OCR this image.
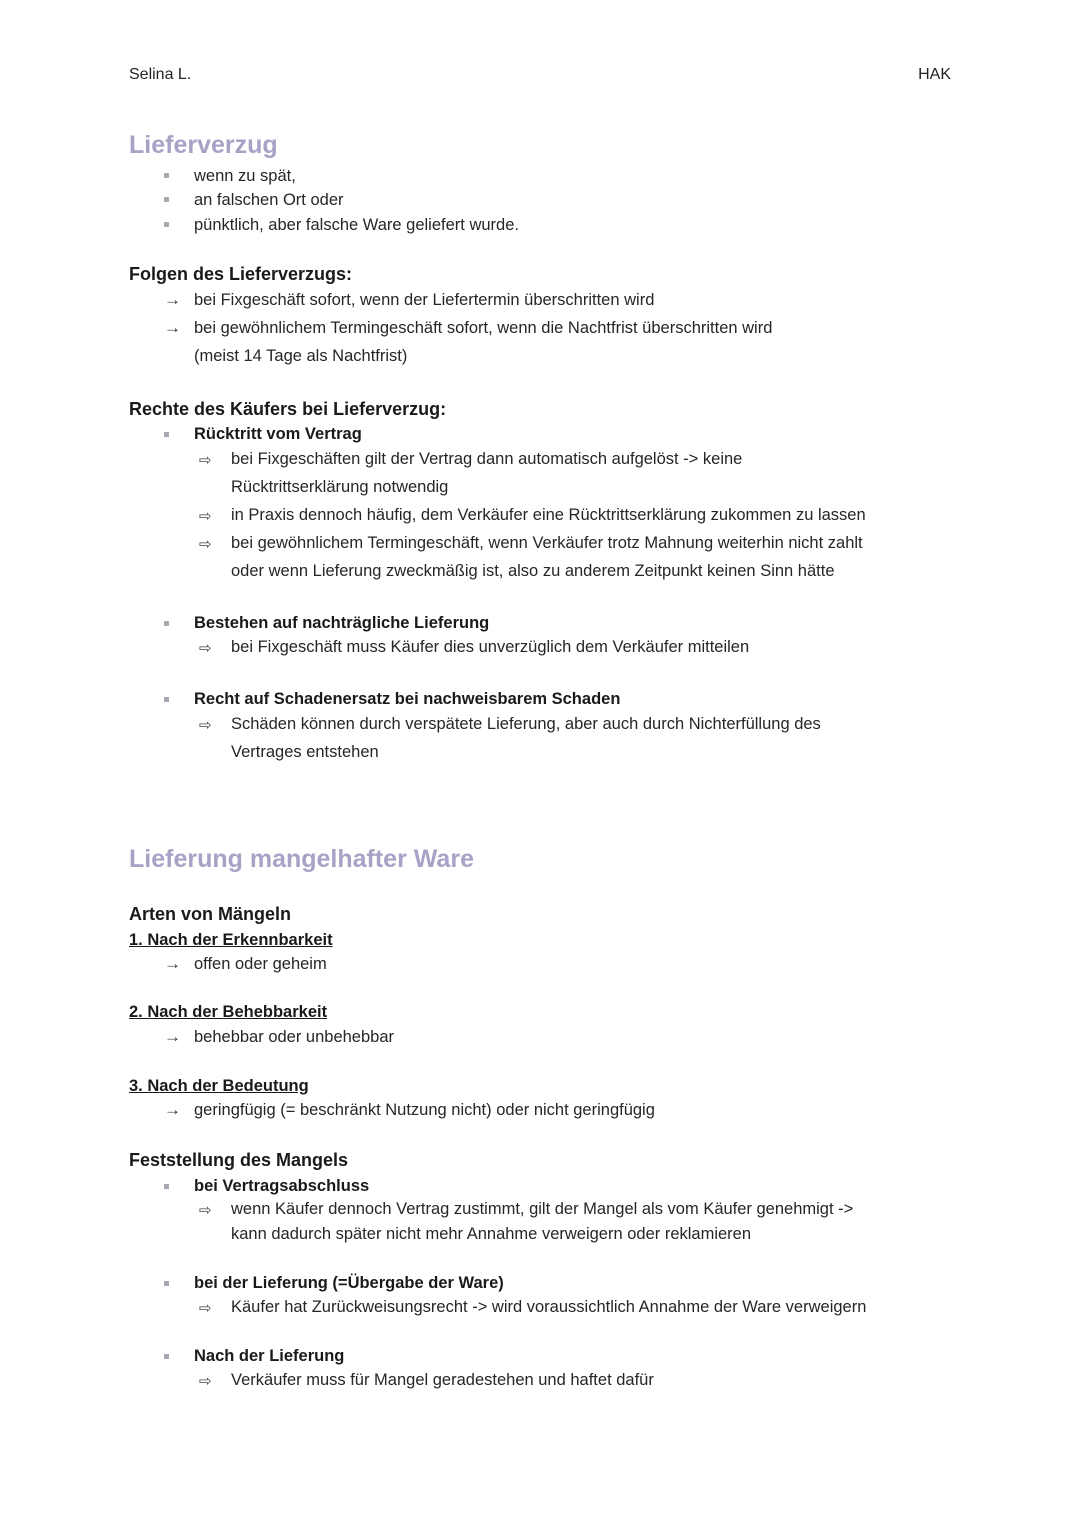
Selina L.	HAK
Lieferverzug
wenn zu spät,
an falschen Ort oder
pünktlich, aber falsche Ware geliefert wurde.
Folgen des Lieferverzugs:
→ bei Fixgeschäft sofort, wenn der Liefertermin überschritten wird
→ bei gewöhnlichem Termingeschäft sofort, wenn die Nachtfrist überschritten wird
(meist 14 Tage als Nachtfrist)
Rechte des Käufers bei Lieferverzug:
Rücktritt vom Vertrag
⇨ bei Fixgeschäften gilt der Vertrag dann automatisch aufgelöst -> keine
Rücktrittserklärung notwendig
⇨ in Praxis dennoch häufig, dem Verkäufer eine Rücktrittserklärung zukommen zu lassen
⇨ bei gewöhnlichem Termingeschäft, wenn Verkäufer trotz Mahnung weiterhin nicht zahlt
oder wenn Lieferung zweckmäßig ist, also zu anderem Zeitpunkt keinen Sinn hätte
Bestehen auf nachträgliche Lieferung
⇨ bei Fixgeschäft muss Käufer dies unverzüglich dem Verkäufer mitteilen
Recht auf Schadenersatz bei nachweisbarem Schaden
⇨ Schäden können durch verspätete Lieferung, aber auch durch Nichterfüllung des
Vertrages entstehen
Lieferung mangelhafter Ware
Arten von Mängeln
1. Nach der Erkennbarkeit
→ offen oder geheim
2. Nach der Behebbarkeit
→ behebbar oder unbehebbar
3. Nach der Bedeutung
→ geringfügig (= beschränkt Nutzung nicht) oder nicht geringfügig
Feststellung des Mangels
bei Vertragsabschluss
⇨ wenn Käufer dennoch Vertrag zustimmt, gilt der Mangel als vom Käufer genehmigt ->
kann dadurch später nicht mehr Annahme verweigern oder reklamieren
bei der Lieferung (=Übergabe der Ware)
⇨ Käufer hat Zurückweisungsrecht -> wird voraussichtlich Annahme der Ware verweigern
Nach der Lieferung
⇨ Verkäufer muss für Mangel geradestehen und haftet dafür
